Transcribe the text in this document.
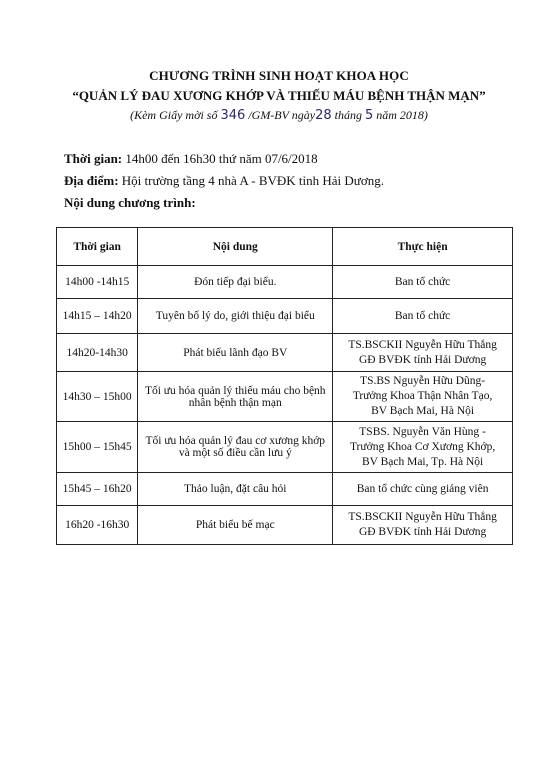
CHƯƠNG TRÌNH SINH HOẠT KHOA HỌC
“QUẢN LÝ ĐAU XƯƠNG KHỚP VÀ THIẾU MÁU BỆNH THẬN MẠN”
(Kèm Giấy mời số 346 /GM-BV ngày28 tháng 5 năm 2018)
Thời gian: 14h00 đến 16h30 thứ năm 07/6/2018
Địa điểm: Hội trường tầng 4 nhà A - BVĐK tỉnh Hải Dương.
Nội dung chương trình:
Thời gian	Nội dung	Thực hiện
14h00 -14h15	Đón tiếp đại biểu.	Ban tổ chức

14h15 – 14h20	Tuyên bố lý do, giới thiệu đại biểu	Ban tổ chức

14h20-14h30	Phát biểu lãnh đạo BV	TS.BSCKII Nguyễn Hữu Thắng
GĐ BVĐK tỉnh Hải Dương

14h30 – 15h00	Tối ưu hóa quản lý thiếu máu cho bệnh nhân bệnh thận mạn	TS.BS Nguyễn Hữu Dũng-
Trưởng Khoa Thận Nhân Tạo,
BV Bạch Mai, Hà Nội

15h00 – 15h45	Tối ưu hóa quản lý đau cơ xương khớp và một số điều cần lưu ý	TSBS. Nguyễn Văn Hùng -
Trưởng Khoa Cơ Xương Khớp,
BV Bạch Mai, Tp. Hà Nội

15h45 – 16h20	Thảo luận, đặt câu hỏi	Ban tổ chức cùng giảng viên

16h20 -16h30	Phát biểu bế mạc	TS.BSCKII Nguyễn Hữu Thắng
GĐ BVĐK tỉnh Hải Dương
